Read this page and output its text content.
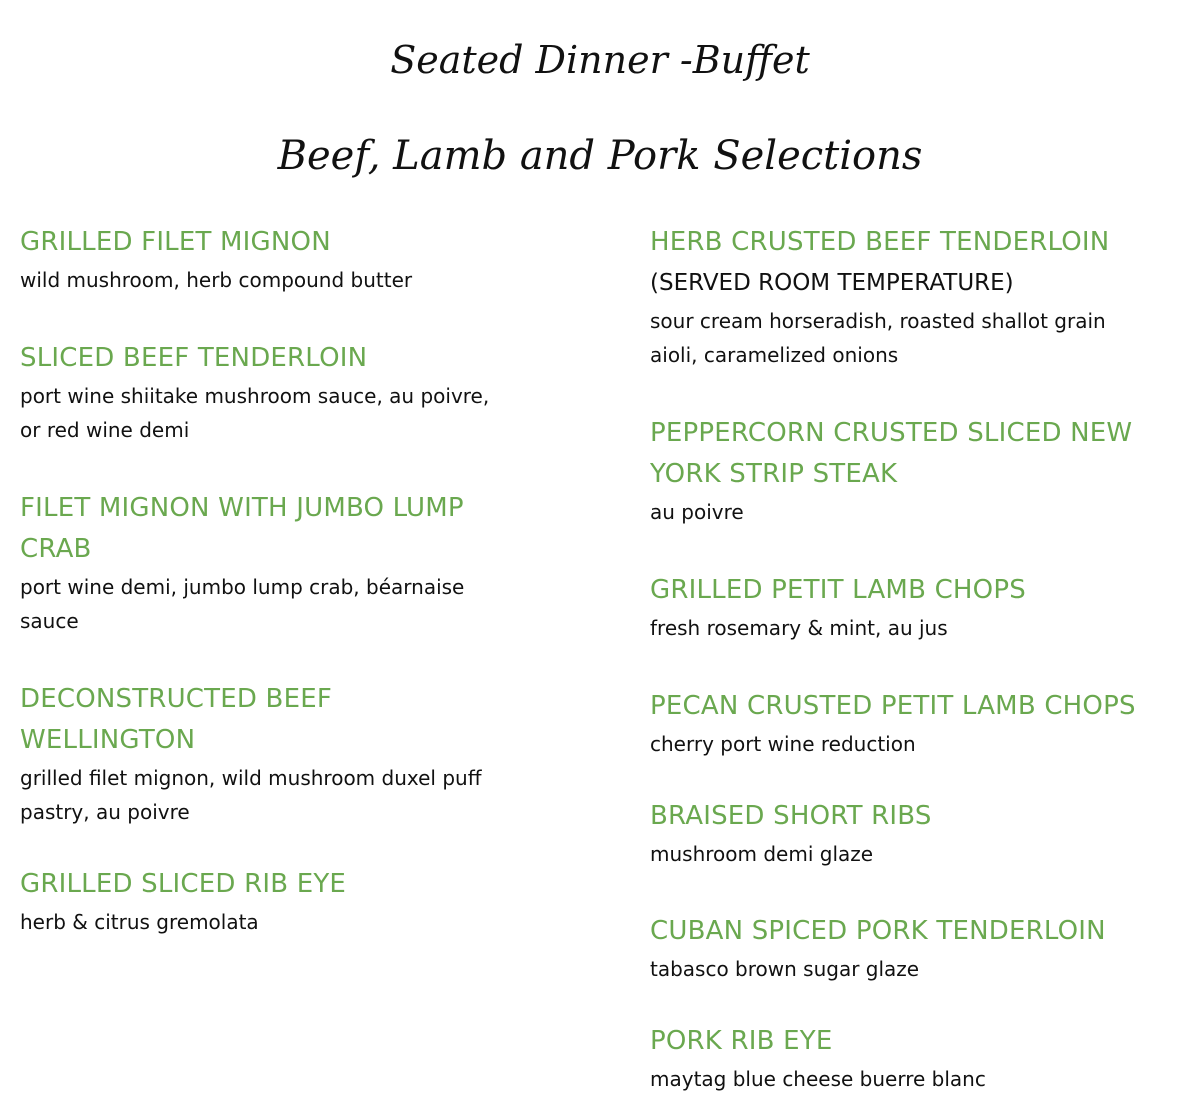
Seated Dinner -Buffet
Beef, Lamb and Pork Selections
GRILLED FILET MIGNON
wild mushroom, herb compound butter
SLICED BEEF TENDERLOIN
port wine shiitake mushroom sauce, au poivre,
or red wine demi
FILET MIGNON WITH JUMBO LUMP
CRAB
port wine demi, jumbo lump crab, béarnaise
sauce
DECONSTRUCTED BEEF
WELLINGTON
grilled filet mignon, wild mushroom duxel puff
pastry, au poivre
GRILLED SLICED RIB EYE
herb & citrus gremolata
HERB CRUSTED BEEF TENDERLOIN
(SERVED ROOM TEMPERATURE)
sour cream horseradish, roasted shallot grain
aioli, caramelized onions
PEPPERCORN CRUSTED SLICED NEW
YORK STRIP STEAK
au poivre
GRILLED PETIT LAMB CHOPS
fresh rosemary & mint, au jus
PECAN CRUSTED PETIT LAMB CHOPS
cherry port wine reduction
BRAISED SHORT RIBS
mushroom demi glaze
CUBAN SPICED PORK TENDERLOIN
tabasco brown sugar glaze
PORK RIB EYE
maytag blue cheese buerre blanc
